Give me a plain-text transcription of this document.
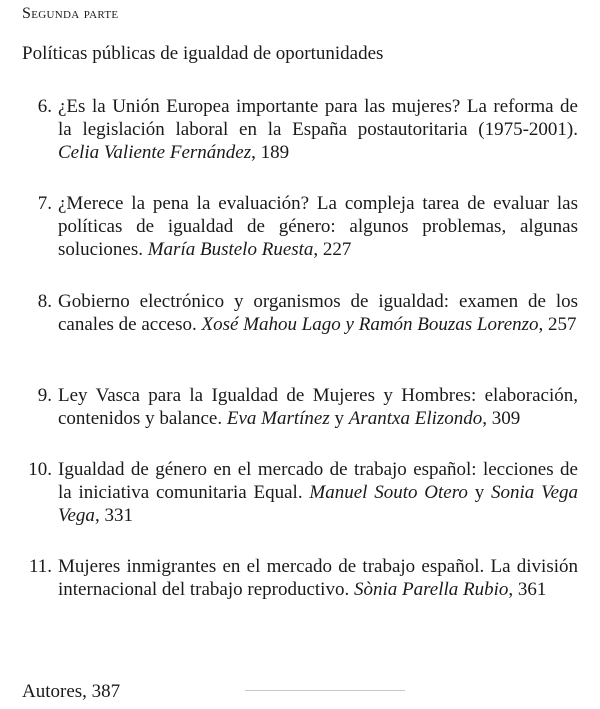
Segunda parte

Políticas públicas de igualdad de oportunidades
6. ¿Es la Unión Europea importante para las mujeres? La reforma de la legislación laboral en la España postautoritaria (1975-2001). Celia Valiente Fernández, 189
7. ¿Merece la pena la evaluación? La compleja tarea de evaluar las políticas de igualdad de género: algunos problemas, algunas soluciones. María Bustelo Ruesta, 227
8. Gobierno electrónico y organismos de igualdad: examen de los canales de acceso. Xosé Mahou Lago y Ramón Bouzas Lorenzo, 257
9. Ley Vasca para la Igualdad de Mujeres y Hombres: elaboración, contenidos y balance. Eva Martínez y Arantxa Elizondo, 309
10. Igualdad de género en el mercado de trabajo español: lecciones de la iniciativa comunitaria Equal. Manuel Souto Otero y Sonia Vega Vega, 331
11. Mujeres inmigrantes en el mercado de trabajo español. La división internacional del trabajo reproductivo. Sònia Parella Rubio, 361

Autores, 387
